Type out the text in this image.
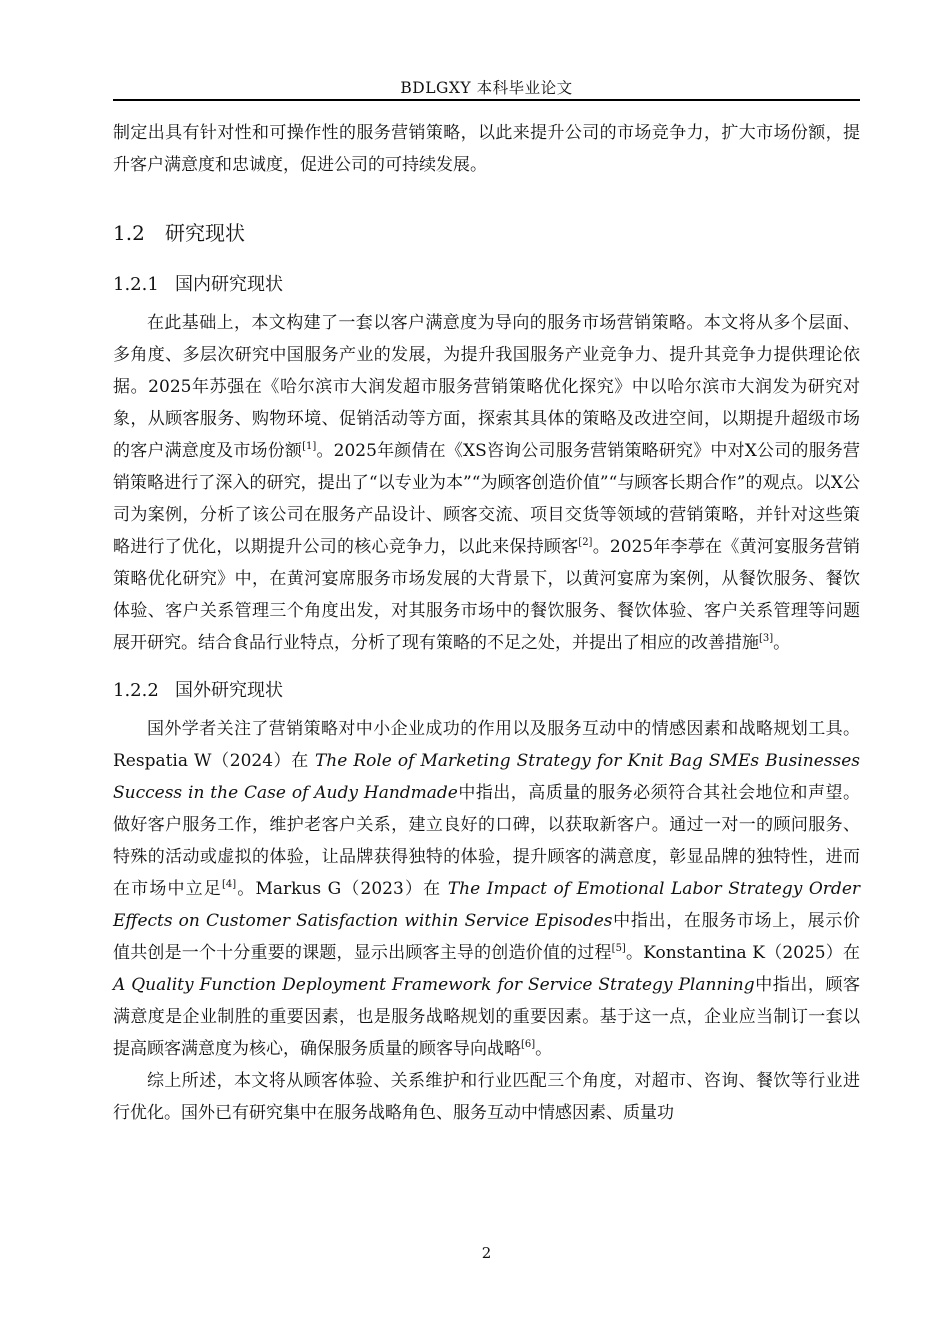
BDLGXY 本科毕业论文

制定出具有针对性和可操作性的服务营销策略，以此来提升公司的市场竞争力，扩大市场份额，提升客户满意度和忠诚度，促进公司的可持续发展。

1.2 研究现状
1.2.1 国内研究现状

在此基础上，本文构建了一套以客户满意度为导向的服务市场营销策略。本文将从多个层面、多角度、多层次研究中国服务产业的发展，为提升我国服务产业竞争力、提升其竞争力提供理论依据。2025年苏强在《哈尔滨市大润发超市服务营销策略优化探究》中以哈尔滨市大润发为研究对象，从顾客服务、购物环境、促销活动等方面，探索其具体的策略及改进空间，以期提升超级市场的客户满意度及市场份额[1]。2025年颜倩在《XS咨询公司服务营销策略研究》中对X公司的服务营销策略进行了深入的研究，提出了“以专业为本”“为顾客创造价值”“与顾客长期合作”的观点。以X公司为案例，分析了该公司在服务产品设计、顾客交流、项目交货等领域的营销策略，并针对这些策略进行了优化，以期提升公司的核心竞争力，以此来保持顾客[2]。2025年李葶在《黄河宴服务营销策略优化研究》中，在黄河宴席服务市场发展的大背景下，以黄河宴席为案例，从餐饮服务、餐饮体验、客户关系管理三个角度出发，对其服务市场中的餐饮服务、餐饮体验、客户关系管理等问题展开研究。结合食品行业特点，分析了现有策略的不足之处，并提出了相应的改善措施[3]。

1.2.2 国外研究现状

国外学者关注了营销策略对中小企业成功的作用以及服务互动中的情感因素和战略规划工具。Respatia W（2024）在 The Role of Marketing Strategy for Knit Bag SMEs Businesses Success in the Case of Audy Handmade中指出，高质量的服务必须符合其社会地位和声望。做好客户服务工作，维护老客户关系，建立良好的口碑，以获取新客户。通过一对一的顾问服务、特殊的活动或虚拟的体验，让品牌获得独特的体验，提升顾客的满意度，彰显品牌的独特性，进而在市场中立足[4]。Markus G（2023）在 The Impact of Emotional Labor Strategy Order Effects on Customer Satisfaction within Service Episodes中指出，在服务市场上，展示价值共创是一个十分重要的课题，显示出顾客主导的创造价值的过程[5]。Konstantina K（2025）在 A Quality Function Deployment Framework for Service Strategy Planning中指出，顾客满意度是企业制胜的重要因素，也是服务战略规划的重要因素。基于这一点，企业应当制订一套以提高顾客满意度为核心，确保服务质量的顾客导向战略[6]。

综上所述，本文将从顾客体验、关系维护和行业匹配三个角度，对超市、咨询、餐饮等行业进行优化。国外已有研究集中在服务战略角色、服务互动中情感因素、质量功

2
